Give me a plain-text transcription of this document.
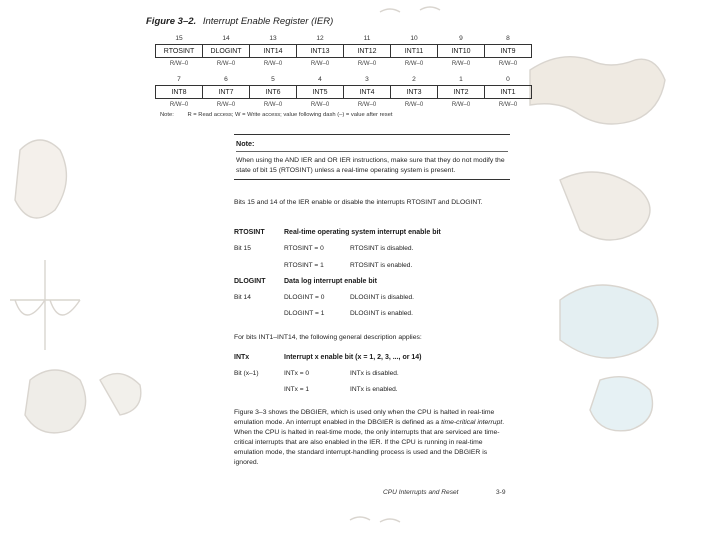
Figure 3–2. Interrupt Enable Register (IER)
15	14	13	12	11	10	9	8
RTOSINT	DLOGINT	INT14	INT13	INT12	INT11	INT10	INT9
R/W–0	R/W–0	R/W–0	R/W–0	R/W–0	R/W–0	R/W–0	R/W–0
7	6	5	4	3	2	1	0
INT8	INT7	INT6	INT5	INT4	INT3	INT2	INT1
R/W–0	R/W–0	R/W–0	R/W–0	R/W–0	R/W–0	R/W–0	R/W–0
Note: R = Read access; W = Write access; value following dash (–) = value after reset
Note:
When using the AND IER and OR IER instructions, make sure that they do not modify the state of bit 15 (RTOSINT) unless a real-time operating system is present.
Bits 15 and 14 of the IER enable or disable the interrupts RTOSINT and DLOGINT.
RTOSINT	Real-time operating system interrupt enable bit
Bit 15	RTOSINT = 0	RTOSINT is disabled.
RTOSINT = 1	RTOSINT is enabled.
DLOGINT	Data log interrupt enable bit
Bit 14	DLOGINT = 0	DLOGINT is disabled.
DLOGINT = 1	DLOGINT is enabled.
For bits INT1–INT14, the following general description applies:
INTx	Interrupt x enable bit (x = 1, 2, 3, ..., or 14)
Bit (x–1)	INTx = 0	INTx is disabled.
INTx = 1	INTx is enabled.
Figure 3–3 shows the DBGIER, which is used only when the CPU is halted in real-time emulation mode. An interrupt enabled in the DBGIER is defined as a time-critical interrupt. When the CPU is halted in real-time mode, the only interrupts that are serviced are time-critical interrupts that are also enabled in the IER. If the CPU is running in real-time emulation mode, the standard interrupt-handling process is used and the DBGIER is ignored.
CPU Interrupts and Reset	3-9
